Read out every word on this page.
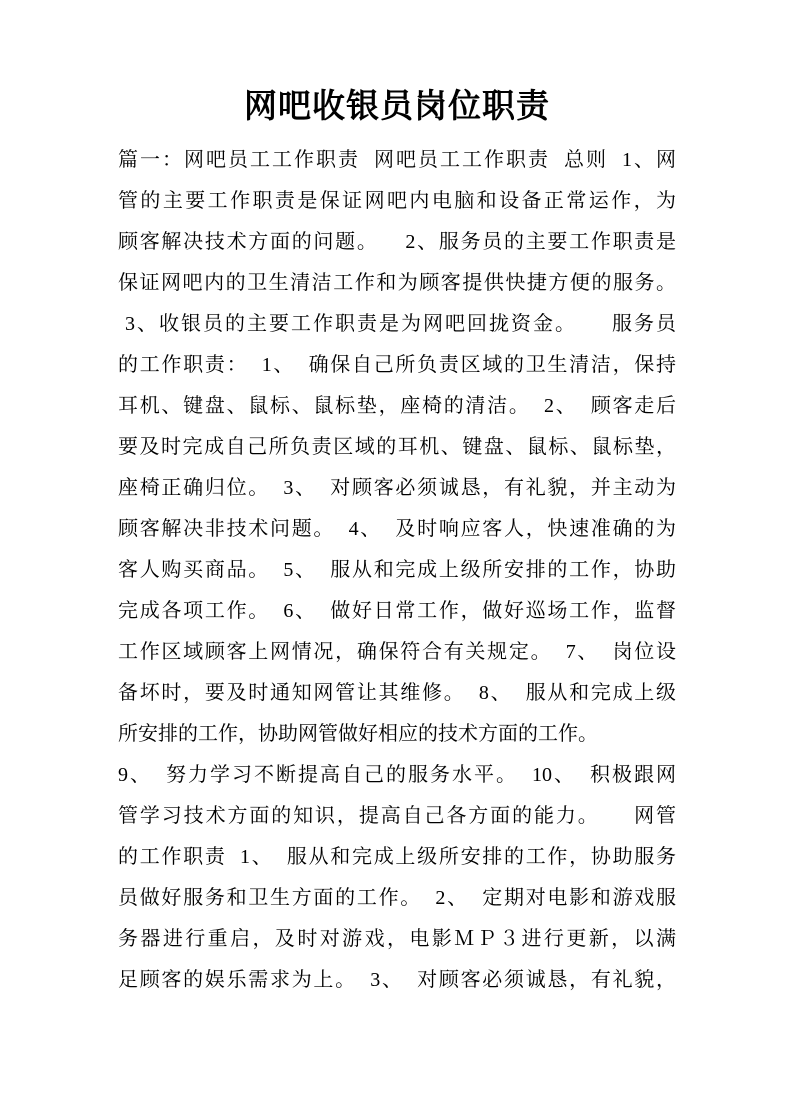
网吧收银员岗位职责
篇一：网吧员工工作职责  网吧员工工作职责  总则  1、网
管的主要工作职责是保证网吧内电脑和设备正常运作，为
顾客解决技术方面的问题。    2、服务员的主要工作职责是
保证网吧内的卫生清洁工作和为顾客提供快捷方便的服务。
3、收银员的主要工作职责是为网吧回拢资金。     服务员
的工作职责：  1、  确保自己所负责区域的卫生清洁，保持
耳机、键盘、鼠标、鼠标垫，座椅的清洁。  2、  顾客走后
要及时完成自己所负责区域的耳机、键盘、鼠标、鼠标垫，
座椅正确归位。  3、  对顾客必须诚恳，有礼貌，并主动为
顾客解决非技术问题。  4、  及时响应客人，快速准确的为
客人购买商品。  5、  服从和完成上级所安排的工作，协助
完成各项工作。  6、  做好日常工作，做好巡场工作，监督
工作区域顾客上网情况，确保符合有关规定。  7、  岗位设
备坏时，要及时通知网管让其维修。  8、  服从和完成上级
所安排的工作，协助网管做好相应的技术方面的工作。
9、  努力学习不断提高自己的服务水平。  10、  积极跟网
管学习技术方面的知识，提高自己各方面的能力。     网管
的工作职责  1、  服从和完成上级所安排的工作，协助服务
员做好服务和卫生方面的工作。  2、  定期对电影和游戏服
务器进行重启，及时对游戏，电影ＭＰ３进行更新，以满
足顾客的娱乐需求为上。  3、  对顾客必须诚恳，有礼貌，
